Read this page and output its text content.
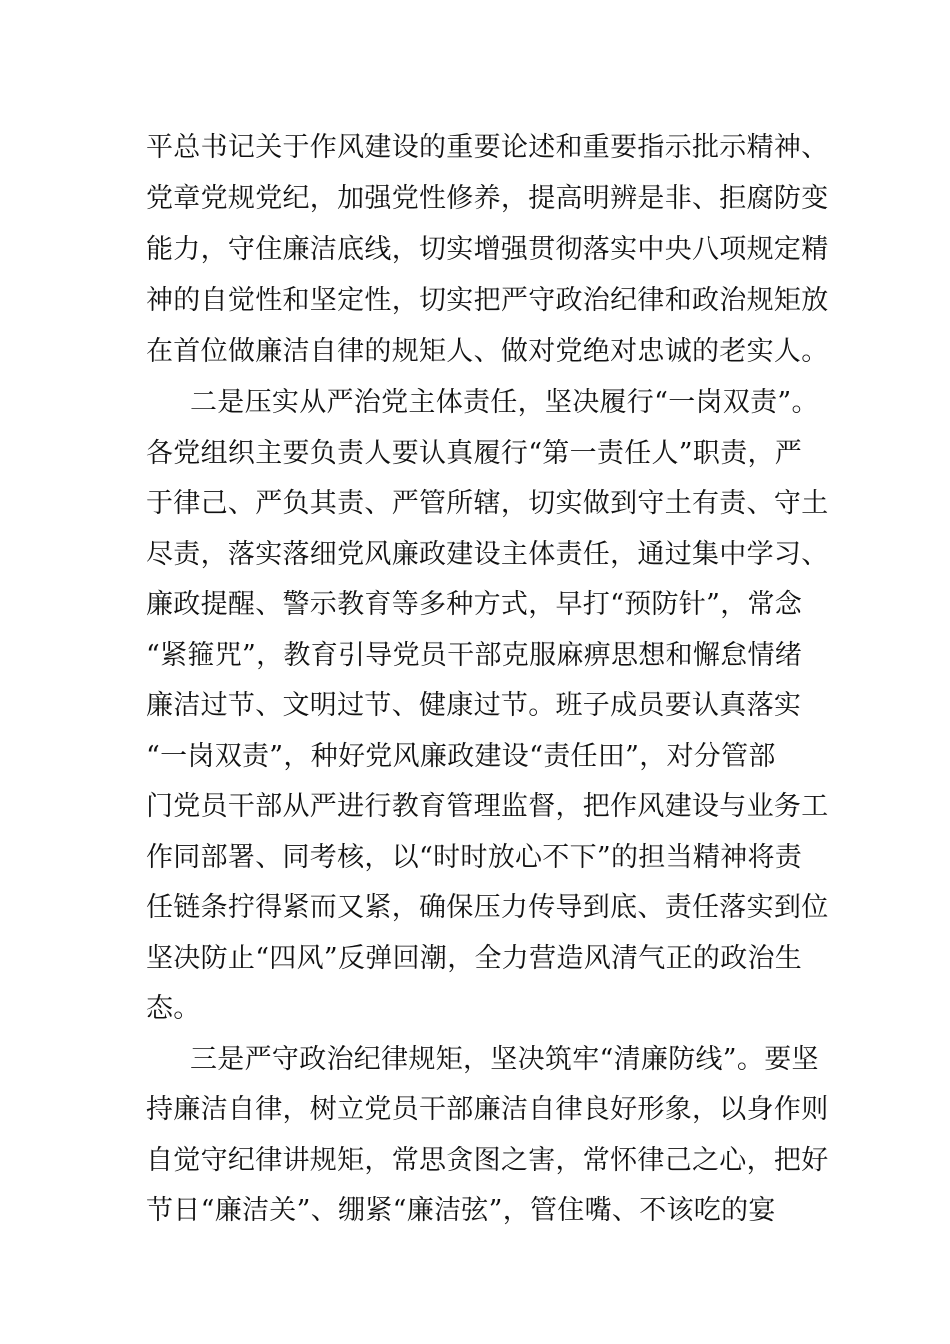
平总书记关于作风建设的重要论述和重要指示批示精神、
党章党规党纪，加强党性修养，提高明辨是非、拒腐防变
能力，守住廉洁底线，切实增强贯彻落实中央八项规定精
神的自觉性和坚定性，切实把严守政治纪律和政治规矩放
在首位做廉洁自律的规矩人、做对党绝对忠诚的老实人。
二是压实从严治党主体责任，坚决履行“一岗双责”。
各党组织主要负责人要认真履行“第一责任人”职责，严
于律己、严负其责、严管所辖，切实做到守土有责、守土
尽责，落实落细党风廉政建设主体责任，通过集中学习、
廉政提醒、警示教育等多种方式，早打“预防针”，常念
“紧箍咒”，教育引导党员干部克服麻痹思想和懈怠情绪
廉洁过节、文明过节、健康过节。班子成员要认真落实
“一岗双责”，种好党风廉政建设“责任田”，对分管部
门党员干部从严进行教育管理监督，把作风建设与业务工
作同部署、同考核，以“时时放心不下”的担当精神将责
任链条拧得紧而又紧，确保压力传导到底、责任落实到位
坚决防止“四风”反弹回潮，全力营造风清气正的政治生
态。
三是严守政治纪律规矩，坚决筑牢“清廉防线”。要坚
持廉洁自律，树立党员干部廉洁自律良好形象，以身作则
自觉守纪律讲规矩，常思贪图之害，常怀律己之心，把好
节日“廉洁关”、绷紧“廉洁弦”，管住嘴、不该吃的宴
